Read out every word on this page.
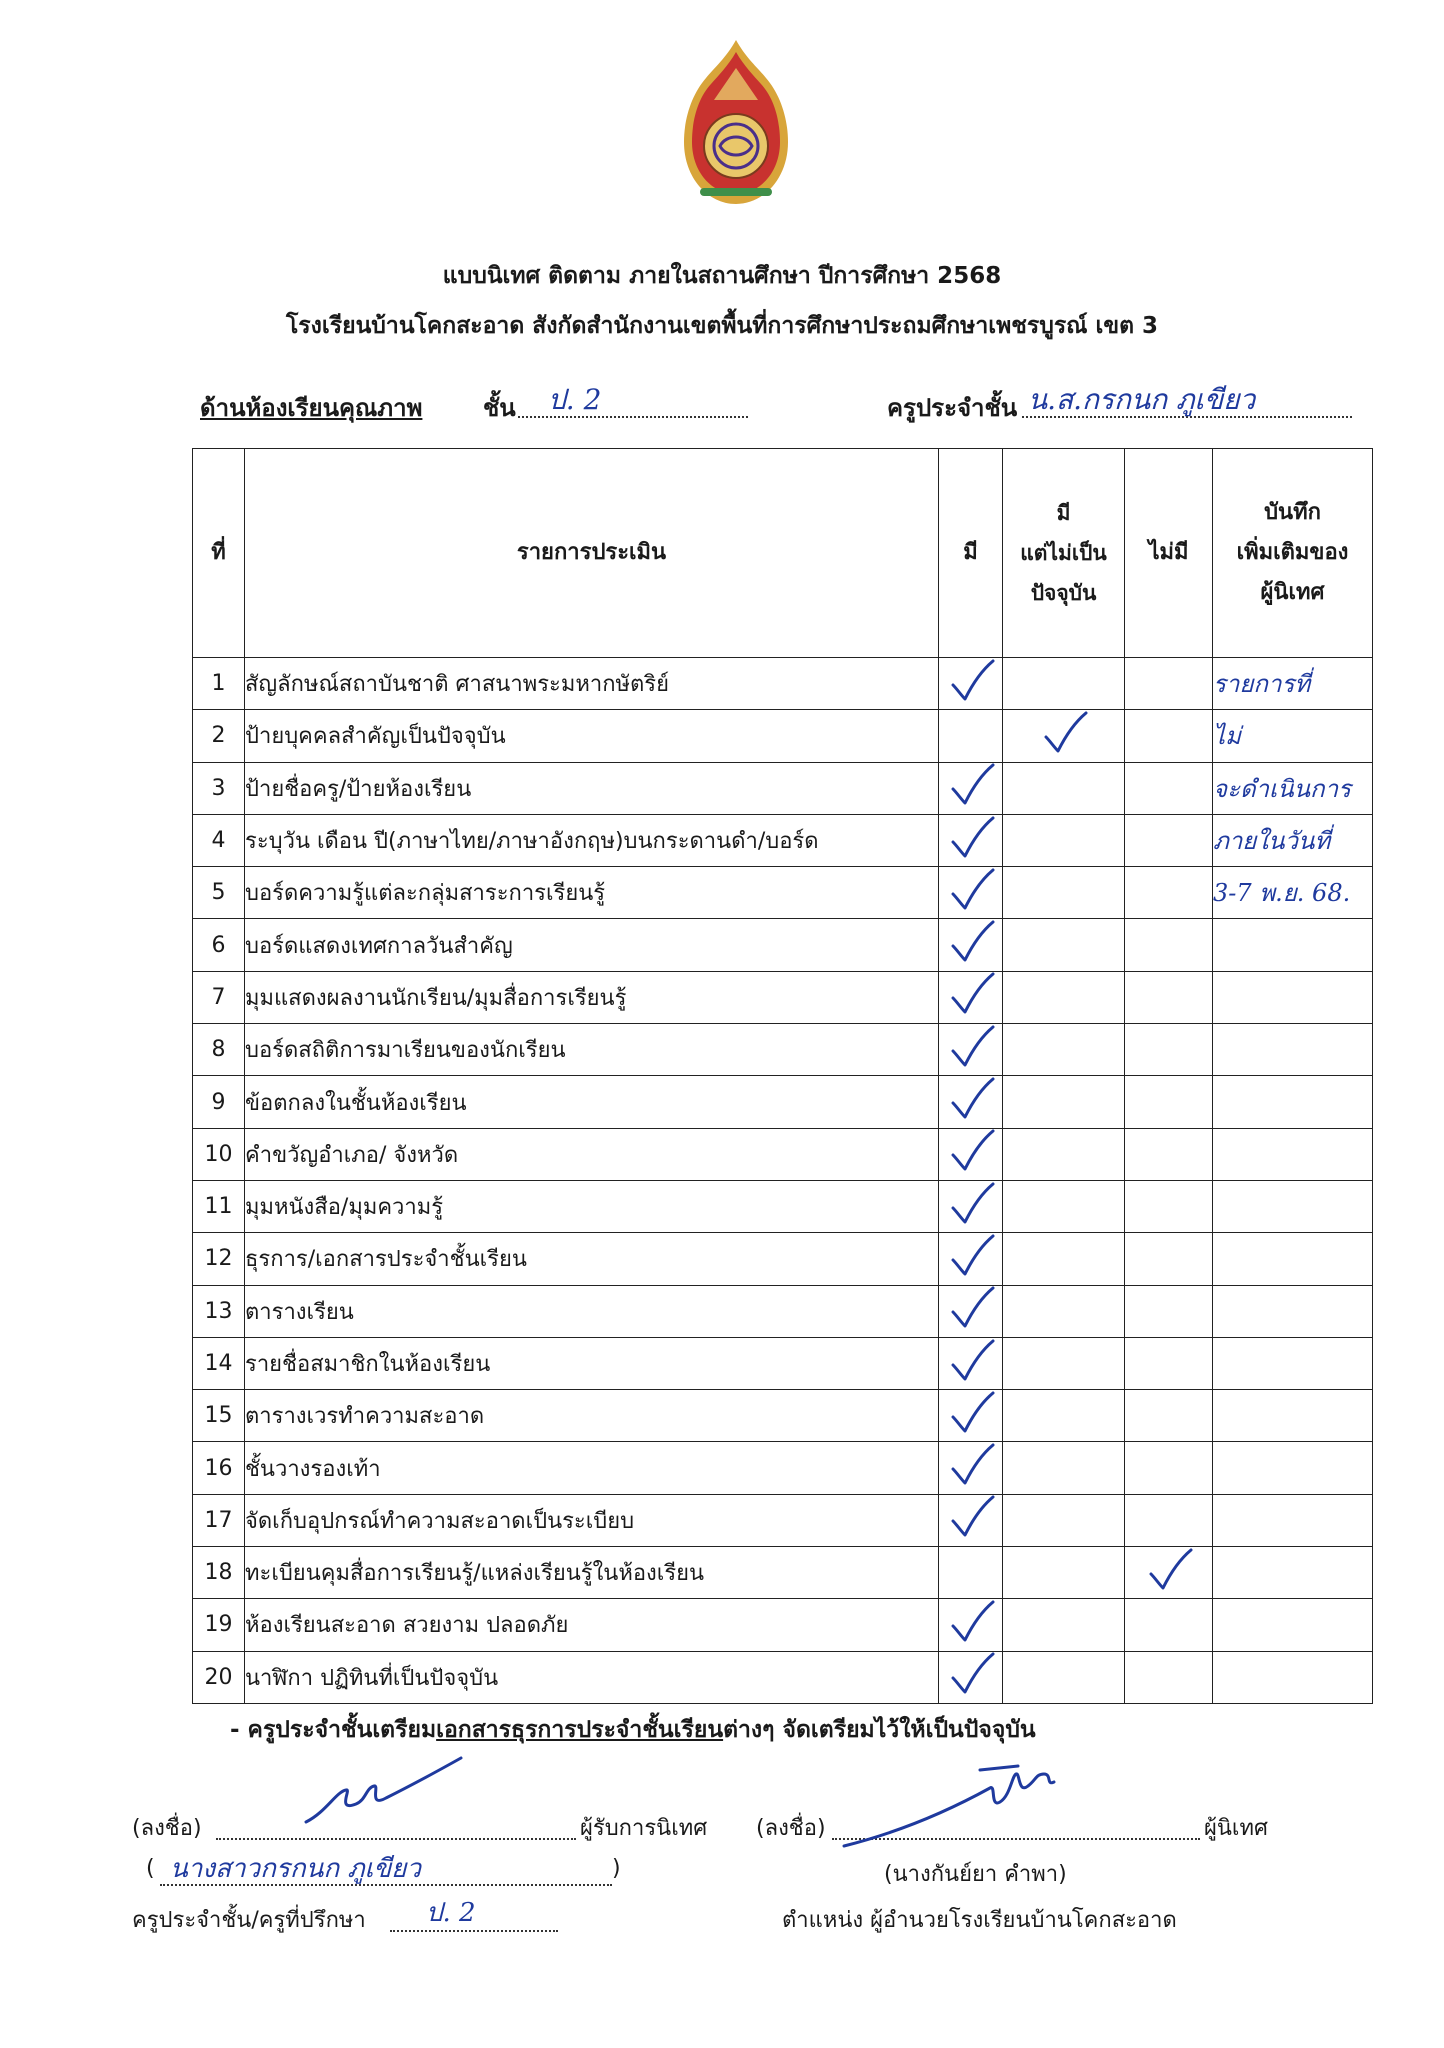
แบบนิเทศ ติดตาม ภายในสถานศึกษา ปีการศึกษา 2568
โรงเรียนบ้านโคกสะอาด สังกัดสำนักงานเขตพื้นที่การศึกษาประถมศึกษาเพชรบูรณ์ เขต 3
ด้านห้องเรียนคุณภาพ	ชั้น ป. 2	ครูประจำชั้น น.ส.กรกนก ภูเขียว
ที่	รายการประเมิน	มี	มี
แต่ไม่เป็น
ปัจจุบัน	ไม่มี	บันทึก
เพิ่มเติมของ
ผู้นิเทศ
1	สัญลักษณ์สถาบันชาติ ศาสนาพระมหากษัตริย์				รายการที่
2	ป้ายบุคคลสำคัญเป็นปัจจุบัน				ไม่
3	ป้ายชื่อครู/ป้ายห้องเรียน				จะดำเนินการ
4	ระบุวัน เดือน ปี(ภาษาไทย/ภาษาอังกฤษ)บนกระดานดำ/บอร์ด				ภายในวันที่
5	บอร์ดความรู้แต่ละกลุ่มสาระการเรียนรู้				3-7 พ.ย. 68.
6	บอร์ดแสดงเทศกาลวันสำคัญ				
7	มุมแสดงผลงานนักเรียน/มุมสื่อการเรียนรู้				
8	บอร์ดสถิติการมาเรียนของนักเรียน				
9	ข้อตกลงในชั้นห้องเรียน				
10	คำขวัญอำเภอ/ จังหวัด				
11	มุมหนังสือ/มุมความรู้				
12	ธุรการ/เอกสารประจำชั้นเรียน				
13	ตารางเรียน				
14	รายชื่อสมาชิกในห้องเรียน				
15	ตารางเวรทำความสะอาด				
16	ชั้นวางรองเท้า				
17	จัดเก็บอุปกรณ์ทำความสะอาดเป็นระเบียบ				
18	ทะเบียนคุมสื่อการเรียนรู้/แหล่งเรียนรู้ในห้องเรียน				
19	ห้องเรียนสะอาด สวยงาม ปลอดภัย				
20	นาฬิกา ปฏิทินที่เป็นปัจจุบัน				
- ครูประจำชั้นเตรียมเอกสารธุรการประจำชั้นเรียนต่างๆ จัดเตรียมไว้ให้เป็นปัจจุบัน
(ลงชื่อ)	ผู้รับการนิเทศ
( นางสาวกรกนก ภูเขียว	)
ครูประจำชั้น/ครูที่ปรึกษา ป. 2
(ลงชื่อ)	ผู้นิเทศ
(นางกันย์ยา คำพา)
ตำแหน่ง ผู้อำนวยโรงเรียนบ้านโคกสะอาด
